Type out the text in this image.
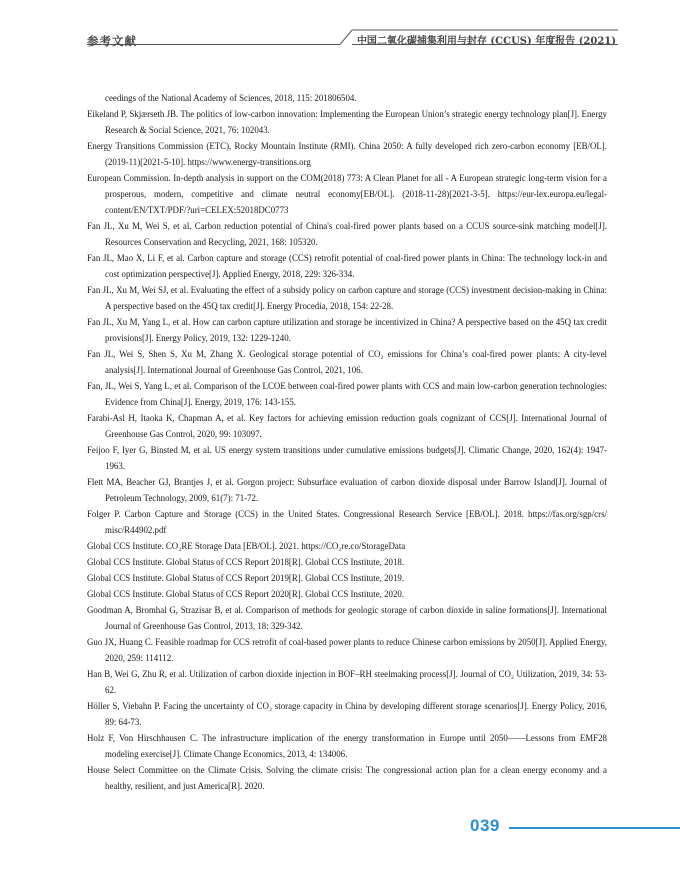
参考文献	中国二氧化碳捕集利用与封存 (CCUS) 年度报告 (2021)

ceedings of the National Academy of Sciences, 2018, 115: 201806504.

Eikeland P, Skjærseth JB. The politics of low-carbon innovation: Implementing the European Union’s strategic energy technology plan[J]. Energy Research & Social Science, 2021, 76: 102043.

Energy Transitions Commission (ETC), Rocky Mountain Institute (RMI). China 2050: A fully developed rich zero-carbon economy [EB/OL]. (2019-11)[2021-5-10]. https://www.energy-transitions.org

European Commission. In-depth analysis in support on the COM(2018) 773: A Clean Planet for all - A European strategic long-term vision for a prosperous, modern, competitive and climate neutral economy[EB/OL]. (2018-11-28)[2021-3-5]. https://eur-lex.europa.eu/legal-content/EN/TXT/PDF/?uri=CELEX:52018DC0773

Fan JL, Xu M, Wei S, et al. Carbon reduction potential of China's coal-fired power plants based on a CCUS source-sink matching model[J]. Resources Conservation and Recycling, 2021, 168: 105320.

Fan JL, Mao X, Li F, et al. Carbon capture and storage (CCS) retrofit potential of coal-fired power plants in China: The technology lock-in and cost optimization perspective[J]. Applied Energy, 2018, 229: 326-334.

Fan JL, Xu M, Wei SJ, et al. Evaluating the effect of a subsidy policy on carbon capture and storage (CCS) investment decision-making in China: A perspective based on the 45Q tax credit[J]. Energy Procedia, 2018, 154: 22-28.

Fan JL, Xu M, Yang L, et al. How can carbon capture utilization and storage be incentivized in China? A perspective based on the 45Q tax credit provisions[J]. Energy Policy, 2019, 132: 1229-1240.

Fan JL, Wei S, Shen S, Xu M, Zhang X. Geological storage potential of CO₂ emissions for China’s coal-fired power plants: A city-level analysis[J]. International Journal of Greenhouse Gas Control, 2021, 106.

Fan, JL, Wei S, Yang L, et al. Comparison of the LCOE between coal-fired power plants with CCS and main low-carbon generation technologies: Evidence from China[J]. Energy, 2019, 176: 143-155.

Farabi-Asl H, Itaoka K, Chapman A, et al. Key factors for achieving emission reduction goals cognizant of CCS[J]. International Journal of Greenhouse Gas Control, 2020, 99: 103097.

Feijoo F, Iyer G, Binsted M, et al. US energy system transitions under cumulative emissions budgets[J]. Climatic Change, 2020, 162(4): 1947-1963.

Flett MA, Beacher GJ, Brantjes J, et al. Gorgon project: Subsurface evaluation of carbon dioxide disposal under Barrow Island[J]. Journal of Petroleum Technology, 2009, 61(7): 71-72.

Folger P. Carbon Capture and Storage (CCS) in the United States. Congressional Research Service [EB/OL]. 2018. https://fas.org/sgp/crs/ misc/R44902.pdf

Global CCS Institute. CO₂RE Storage Data [EB/OL]. 2021. https://CO₂re.co/StorageData

Global CCS Institute. Global Status of CCS Report 2018[R]. Global CCS Institute, 2018.

Global CCS Institute. Global Status of CCS Report 2019[R]. Global CCS Institute, 2019.

Global CCS Institute. Global Status of CCS Report 2020[R]. Global CCS Institute, 2020.

Goodman A, Bromhal G, Strazisar B, et al. Comparison of methods for geologic storage of carbon dioxide in saline formations[J]. International Journal of Greenhouse Gas Control, 2013, 18: 329-342.

Guo JX, Huang C. Feasible roadmap for CCS retrofit of coal-based power plants to reduce Chinese carbon emissions by 2050[J]. Applied Energy, 2020, 259: 114112.

Han B, Wei G, Zhu R, et al. Utilization of carbon dioxide injection in BOF–RH steelmaking process[J]. Journal of CO₂ Utilization, 2019, 34: 53-62.

Höller S, Viebahn P. Facing the uncertainty of CO₂ storage capacity in China by developing different storage scenarios[J]. Energy Policy, 2016, 89: 64-73.

Holz F, Von Hirschhausen C. The infrastructure implication of the energy transformation in Europe until 2050——Lessons from EMF28 modeling exercise[J]. Climate Change Economics, 2013, 4: 134006.

House Select Committee on the Climate Crisis. Solving the climate crisis: The congressional action plan for a clean energy economy and a healthy, resilient, and just America[R]. 2020.

039
